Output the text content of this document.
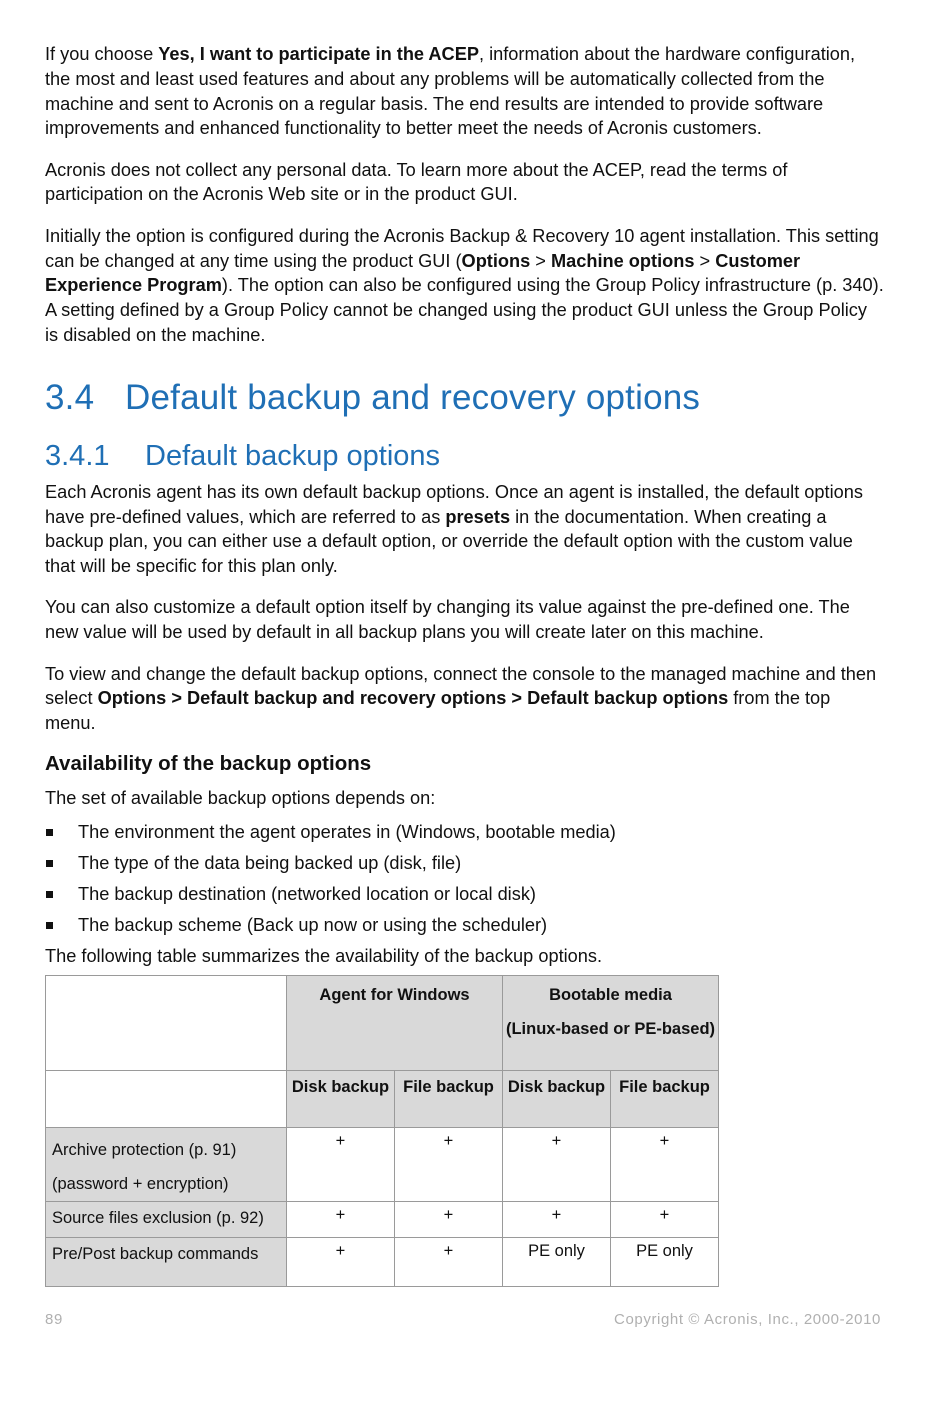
If you choose Yes, I want to participate in the ACEP, information about the hardware configuration, the most and least used features and about any problems will be automatically collected from the machine and sent to Acronis on a regular basis. The end results are intended to provide software improvements and enhanced functionality to better meet the needs of Acronis customers.

Acronis does not collect any personal data. To learn more about the ACEP, read the terms of participation on the Acronis Web site or in the product GUI.

Initially the option is configured during the Acronis Backup & Recovery 10 agent installation. This setting can be changed at any time using the product GUI (Options > Machine options > Customer Experience Program). The option can also be configured using the Group Policy infrastructure (p. 340). A setting defined by a Group Policy cannot be changed using the product GUI unless the Group Policy is disabled on the machine.

3.4 Default backup and recovery options
3.4.1 Default backup options

Each Acronis agent has its own default backup options. Once an agent is installed, the default options have pre-defined values, which are referred to as presets in the documentation. When creating a backup plan, you can either use a default option, or override the default option with the custom value that will be specific for this plan only.

You can also customize a default option itself by changing its value against the pre-defined one. The new value will be used by default in all backup plans you will create later on this machine.

To view and change the default backup options, connect the console to the managed machine and then select Options > Default backup and recovery options > Default backup options from the top menu.

Availability of the backup options

The set of available backup options depends on:

The environment the agent operates in (Windows, bootable media)
The type of the data being backed up (disk, file)
The backup destination (networked location or local disk)
The backup scheme (Back up now or using the scheduler)

The following table summarizes the availability of the backup options.

	Agent for Windows		Bootable media
(Linux-based or PE-based)	

	Disk backup	File backup	Disk backup	File backup

Archive protection (p. 91)
(password + encryption)	+	+	+	+

Source files exclusion (p. 92)	+	+	+	+

Pre/Post backup commands	+	+	PE only	PE only
89	Copyright © Acronis, Inc., 2000-2010
